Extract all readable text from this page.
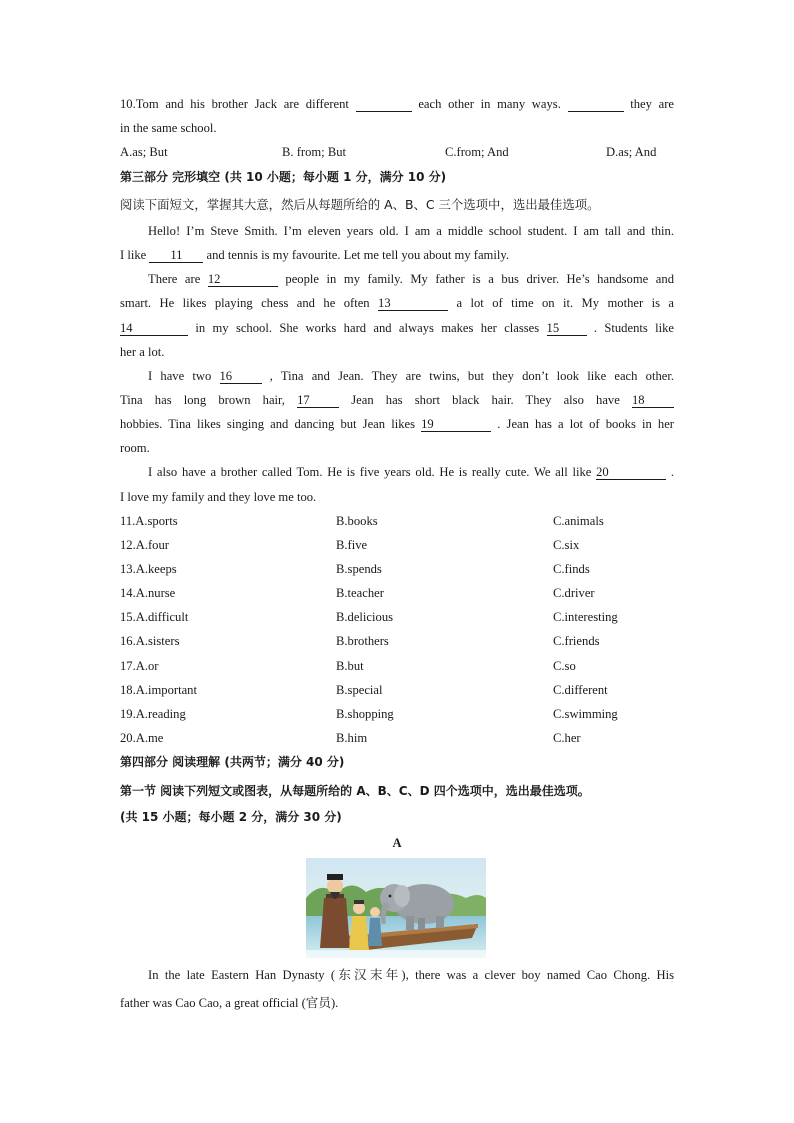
10.Tom and his brother Jack are different	each other in many ways.	they are
in the same school.
A.as; But	B. from; But	C.from; And	D.as; And
第三部分 完形填空 (共 10 小题；每小题 1 分，满分 10 分)
阅读下面短文，掌握其大意，然后从每题所给的 A、B、C 三个选项中，选出最佳选项。
Hello! I’m Steve Smith. I’m eleven years old. I am a middle school student. I am tall and thin.
I like 11 and tennis is my favourite. Let me tell you about my family.
There are 12	people in my family. My father is a bus driver. He’s handsome and
smart. He likes playing chess and he often 13	a lot of time on it. My mother is a
14	in my school. She works hard and always makes her classes 15	. Students like
her a lot.
I have two 16	, Tina and Jean. They are twins, but they don’t look like each other.
Tina has long brown hair, 17	Jean has short black hair. They also have 18
hobbies. Tina likes singing and dancing but Jean likes 19	. Jean has a lot of books in her
room.
I also have a brother called Tom. He is five years old. He is really cute. We all like 20	.
I love my family and they love me too.
11.A.sports	B.books	C.animals
12.A.four	B.five	C.six
13.A.keeps	B.spends	C.finds
14.A.nurse	B.teacher	C.driver
15.A.difficult	B.delicious	C.interesting
16.A.sisters	B.brothers	C.friends
17.A.or	B.but	C.so
18.A.important	B.special	C.different
19.A.reading	B.shopping	C.swimming
20.A.me	B.him	C.her
第四部分 阅读理解 (共两节；满分 40 分)
第一节 阅读下列短文或图表，从每题所给的 A、B、C、D 四个选项中，选出最佳选项。
(共 15 小题；每小题 2 分，满分 30 分)
A
In the late Eastern Han Dynasty (东汉末年), there was a clever boy named Cao Chong. His
father was Cao Cao, a great official (官员).
